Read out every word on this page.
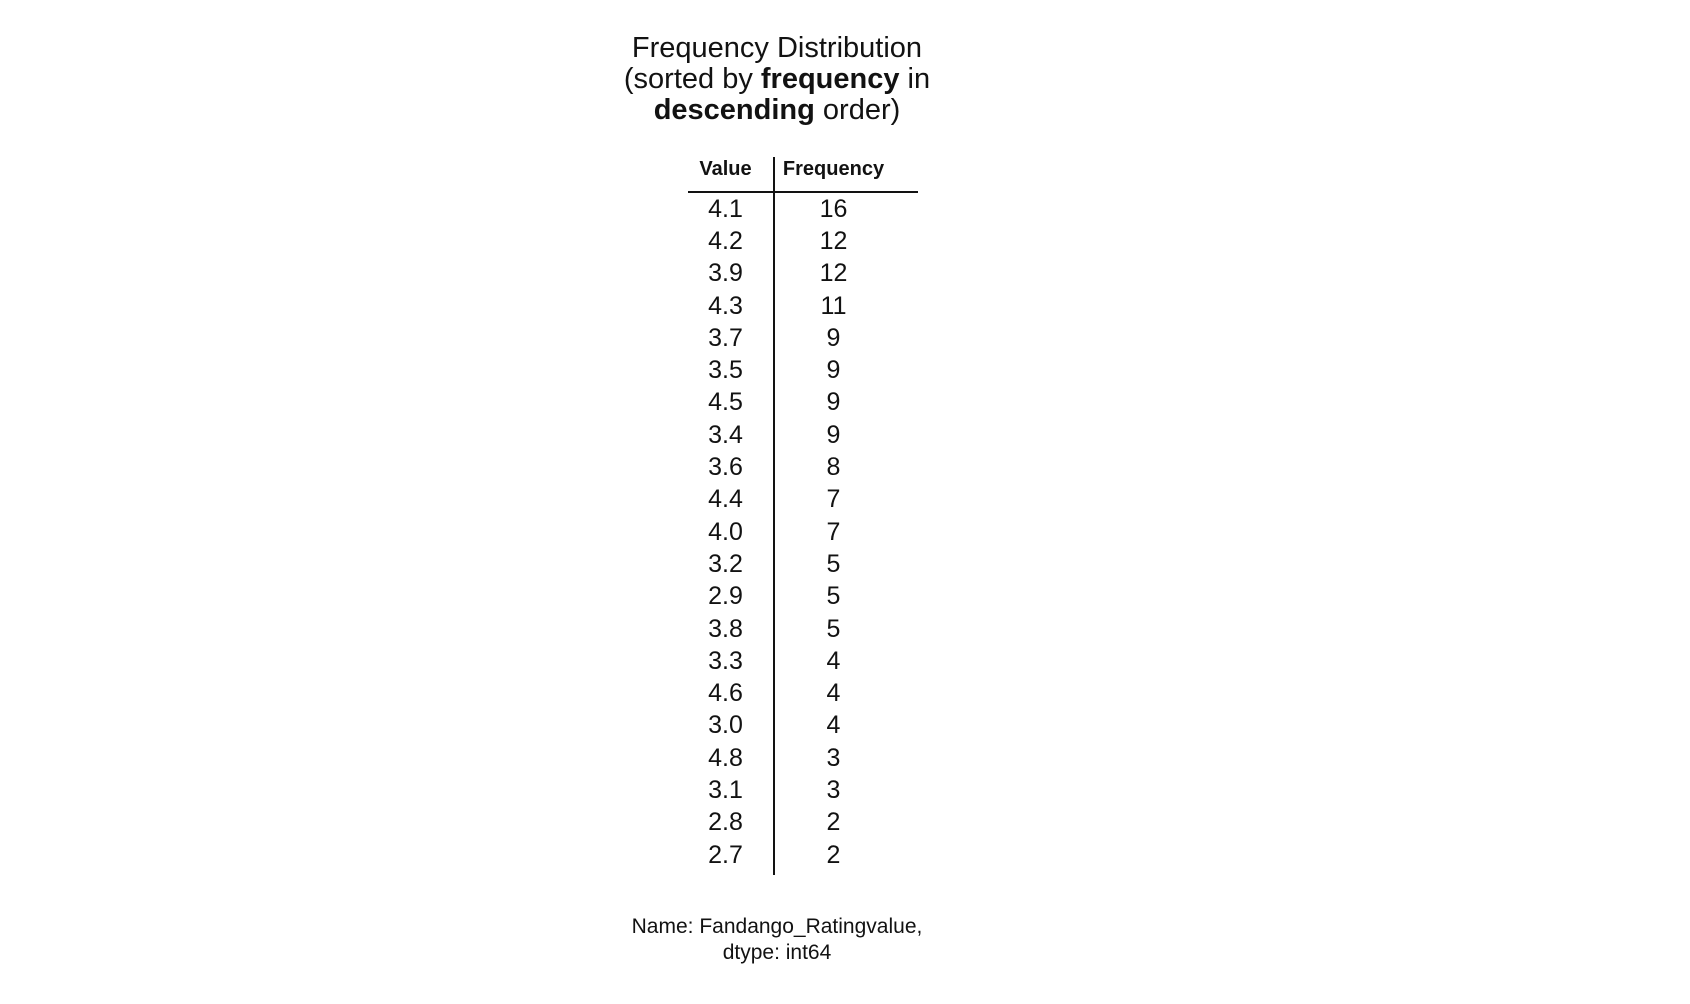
Frequency Distribution
(sorted by frequency in
descending order)
Value	Frequency
4.1	16
4.2	12
3.9	12
4.3	11
3.7	9
3.5	9
4.5	9
3.4	9
3.6	8
4.4	7
4.0	7
3.2	5
2.9	5
3.8	5
3.3	4
4.6	4
3.0	4
4.8	3
3.1	3
2.8	2
2.7	2
Name: Fandango_Ratingvalue,
dtype: int64
